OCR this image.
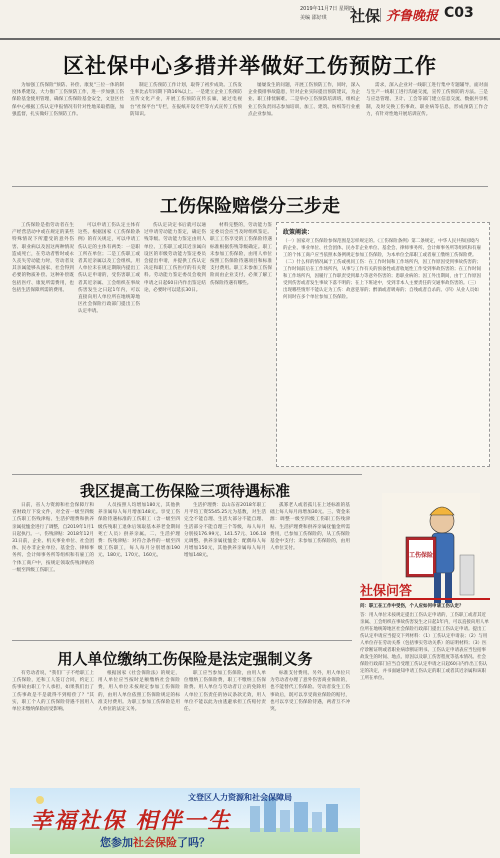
2019年11月7日 星期四
美编 邵好琪 社保 齐鲁晚报 C03
区社保中心多措并举做好工伤预防工作

为加强工伤保险"预防、补偿、康复"三位一体的制度体系建设，大力推广工伤预防工作，进一步加强工伤保险基金使用管理，确保工伤保险基金安全，文登区社保中心根据工伤认定申报情况有针对性地采取措施，加强监督，扎实做好工伤预防工作。

制定工伤预防工作计划，取得了初步成效。工伤发生率比去年同期下降16%以上。一是建立企业工伤预防宣传文化产业，开展工伤预防宣传长廊，通过电视台"社保平台"专栏，在报纸开设专栏等方式宣传工伤预防知识。

屡屡发生的问题，开展工伤预防工作，同时，深入企业摸排事故隐患，针对企业实际提出预防建议，为企业、职工排忧解难。二是举办工伤预防培训班，组织企业工伤负责同志参加培训，加工、建筑、纺织等行业重点企业参加。

需求，深入企业对一线职工进行集中专题辅导，面对面与生产一线职工进行沟通交流，宣传工伤预防的方法。三是与应急管理、卫计、工会等部门建立信息交流、数据共享机制，及时交换工伤事故、职业病等信息，形成预防工作合力，有针对性地开展培训宣传。

工伤保险赔偿分三步走

工伤保险是指劳动者在生产经营活动中或在规定的某些特殊情况下所遭受的意外伤害、职业病以及因这两种情况造成死亡，在劳动者暂时或永久丧失劳动能力时，劳动者及其亲属能够从国家、社会得到必要的物质补偿。这种补偿既包括医疗、康复所需费用，也包括生活保障所需的费用。

可以申请工伤认定主体有这些。根据国家《工伤保险条例》的有关规定，可以申请工伤认定的主体有两类：一是职工所在单位；二是工伤职工或者其近亲属以及工会组织。用人单位未在规定期限内提出工伤认定申请的，受伤害职工或者其近亲属、工会组织在事故伤害发生之日起1年内，可以直接向用人单位所在地统筹地区社会保险行政部门提出工伤认定申请。

伤认定决定书后就可以通过申请劳动能力鉴定，确定伤残等级。劳动能力鉴定由用人单位、工伤职工或其近亲属向设区的市级劳动能力鉴定委员会提出申请，并提供工伤认定决定和职工工伤医疗的有关资料。劳动能力鉴定委员会收到申请之日起60日内作出鉴定结论，必要时可以延长30日。

材料完整的，劳动能力鉴定委员会应当及时组织鉴定。职工工伤享受的工伤保险待遇标准根据伤残等级确定。职工未参加工伤保险，由用人单位按照工伤保险待遇项目和标准支付费用。职工未参加工伤保险而由企业支付，必须了解工伤保险待遇有哪些。

政策阐读：
（一）国家对工伤保险参保范围是怎样规定的。《工伤保险条例》第二条规定，中华人民共和国境内的企业、事业单位、社会团体、民办非企业单位、基金会、律师事务所、会计师事务所等组织和有雇工的个体工商户应当依照本条例规定参加工伤保险，为本单位全部职工或者雇工缴纳工伤保险费。（二）什么样的情况属于工伤或视同工伤：在工作时间和工作场所内，因工作原因受到事故伤害的；工作时间前后在工作场所内，从事与工作有关的预备性或者收尾性工作受到事故伤害的；在工作时间和工作场所内，因履行工作职责受到暴力等意外伤害的；患职业病的；因工外出期间，由于工作原因受到伤害或者发生事故下落不明的；在上下班途中，受到非本人主要责任的交通事故伤害的。（三）出现哪些情形不能认定为工伤：故意犯罪的；醉酒或者吸毒的；自残或者自杀的。（四）从业人员如何同时在多个单位参加工伤保险。
我区提高工伤保险三项待遇标准

日前，省人力资源和社会保障厅和省财政厅下发文件，对全省一级至四级工伤职工伤残津贴、生活护理费和供养亲属抚恤金进行了调整，自2019年1月1日起执行。一、伤残津贴：2018年12月31日前，企业、机关事业单位、社会团体、民办非企业单位、基金会、律师事务所、会计师事务所等组织和有雇工的个体工商户中，按规定领取伤残津贴的一级至四级工伤职工。

人员按照人均增加180元，其他供养亲属每人每月增加148元。享受工伤保险待遇标准的工伤职工（含一级至四级伤残职工退休后领取基本养老金期间死亡人员）供养亲属。二、生活护理费：伤残津贴：对符合条件的一级至四级工伤职工，每人每月分别增加190元、180元、170元、160元。

生活护理费：以山东省2018年职工月平均工资5545.25元为基数，对生活完全不能自理、生活大部分不能自理、生活部分不能自理三个等级，每人每月分别按176.99元、141.57元、106.18元调整。供养亲属抚恤金：配偶每人每月增加150元，其他供养亲属每人每月增加148元。

孤寡老人或者孤儿在上述标准的基础上每人每月再增加30元。三、资金来源：调整一级至四级工伤职工伤残津贴、生活护理费和供养亲属抚恤金所需费用，已参加工伤保险的，从工伤保险基金中支付；未参加工伤保险的，由用人单位支付。

工伤保险
社保问答
问：职工在工作中受伤，个人应如何申请工伤认定？
答：用人单位未按规定提出工伤认定申请的，工伤职工或者其近亲属、工会组织在事故伤害发生之日起1年内，可以直接向用人单位所在地统筹地区社会保险行政部门提出工伤认定申请。提出工伤认定申请应当提交下列材料：（1）工伤认定申请表；（2）与用人单位存在劳动关系（包括事实劳动关系）的证明材料；（3）医疗诊断证明或者职业病诊断证明书。工伤认定申请表应当包括事故发生的时间、地点、原因以及职工伤害程度等基本情况。社会保险行政部门应当自受理工伤认定申请之日起60日内作出工伤认定的决定，并书面通知申请工伤认定的职工或者其近亲属和该职工所在单位。
用人单位缴纳工伤保险是法定强制义务

有劳动者说，"我们厂子不给职工上工伤保险，还和工人签订合同，约定工伤事故由职工个人承担，如果我们出了工伤事故是不是就得不到赔偿了？"其实，职工个人的工伤保险待遇不因用人单位未缴纳保险而受影响。

根据国家《社会保险法》的规定，用人单位应当按时足额缴纳社会保险费，用人单位未按规定参加工伤保险的，由用人单位依照工伤保险规定的标准支付费用。为职工参加工伤保险是用人单位的法定义务。

职工应当参加工伤保险，由用人单位缴纳工伤保险费，职工不缴纳工伤保险费。用人单位与劳动者订立的免除用人单位工伤责任的协议条款无效，用人单位不能以此为由逃避承担工伤赔付责任。

标准支付费用。另外，用人单位只为劳动者办理了意外伤害商业保险的，也不能替代工伤保险。劳动者发生工伤事故后，既可以享受商业保险的赔付，也可以享受工伤保险待遇，两者互不冲突。

文登区人力资源和社会保障局
幸福社保 相伴一生
您参加社会保险了吗？
